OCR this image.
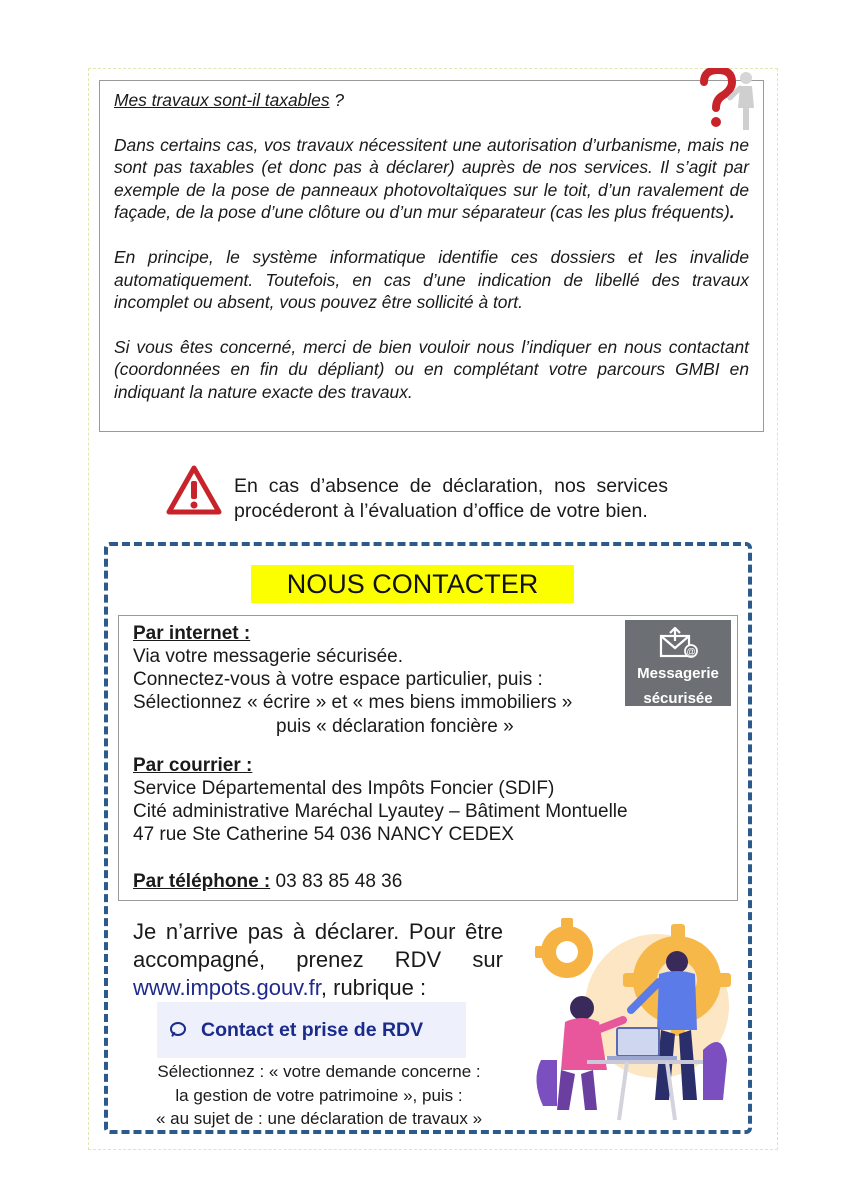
Mes travaux sont-il taxables ?

Dans certains cas, vos travaux nécessitent une autorisation d’urbanisme, mais ne sont pas taxables (et donc pas à déclarer) auprès de nos services. Il s’agit par exemple de la pose de panneaux photovoltaïques sur le toit, d’un ravalement de façade, de la pose d’une clôture ou d’un mur séparateur (cas les plus fréquents).

En principe, le système informatique identifie ces dossiers et les invalide automatiquement. Toutefois, en cas d’une indication de libellé des travaux incomplet ou absent, vous pouvez être sollicité à tort.

Si vous êtes concerné, merci de bien vouloir nous l’indiquer en nous contactant (coordonnées en fin du dépliant) ou en complétant votre parcours GMBI en indiquant la nature exacte des travaux.

En cas d’absence de déclaration, nos services procéderont à l’évaluation d’office de votre bien.
NOUS CONTACTER
Par internet :
Via votre messagerie sécurisée.
Connectez-vous à votre espace particulier, puis :
Sélectionnez « écrire » et « mes biens immobiliers »
puis « déclaration foncière »
@
Messagerie
sécurisée
Par courrier :
Service Départemental des Impôts Foncier (SDIF)
Cité administrative Maréchal Lyautey – Bâtiment Montuelle
47 rue Ste Catherine 54 036 NANCY CEDEX
Par téléphone : 03 83 85 48 36
Je n’arrive pas à déclarer. Pour être accompagné, prenez RDV sur www.impots.gouv.fr, rubrique :
Contact et prise de RDV
Sélectionnez : « votre demande concerne :
la gestion de votre patrimoine », puis :
« au sujet de : une déclaration de travaux »
